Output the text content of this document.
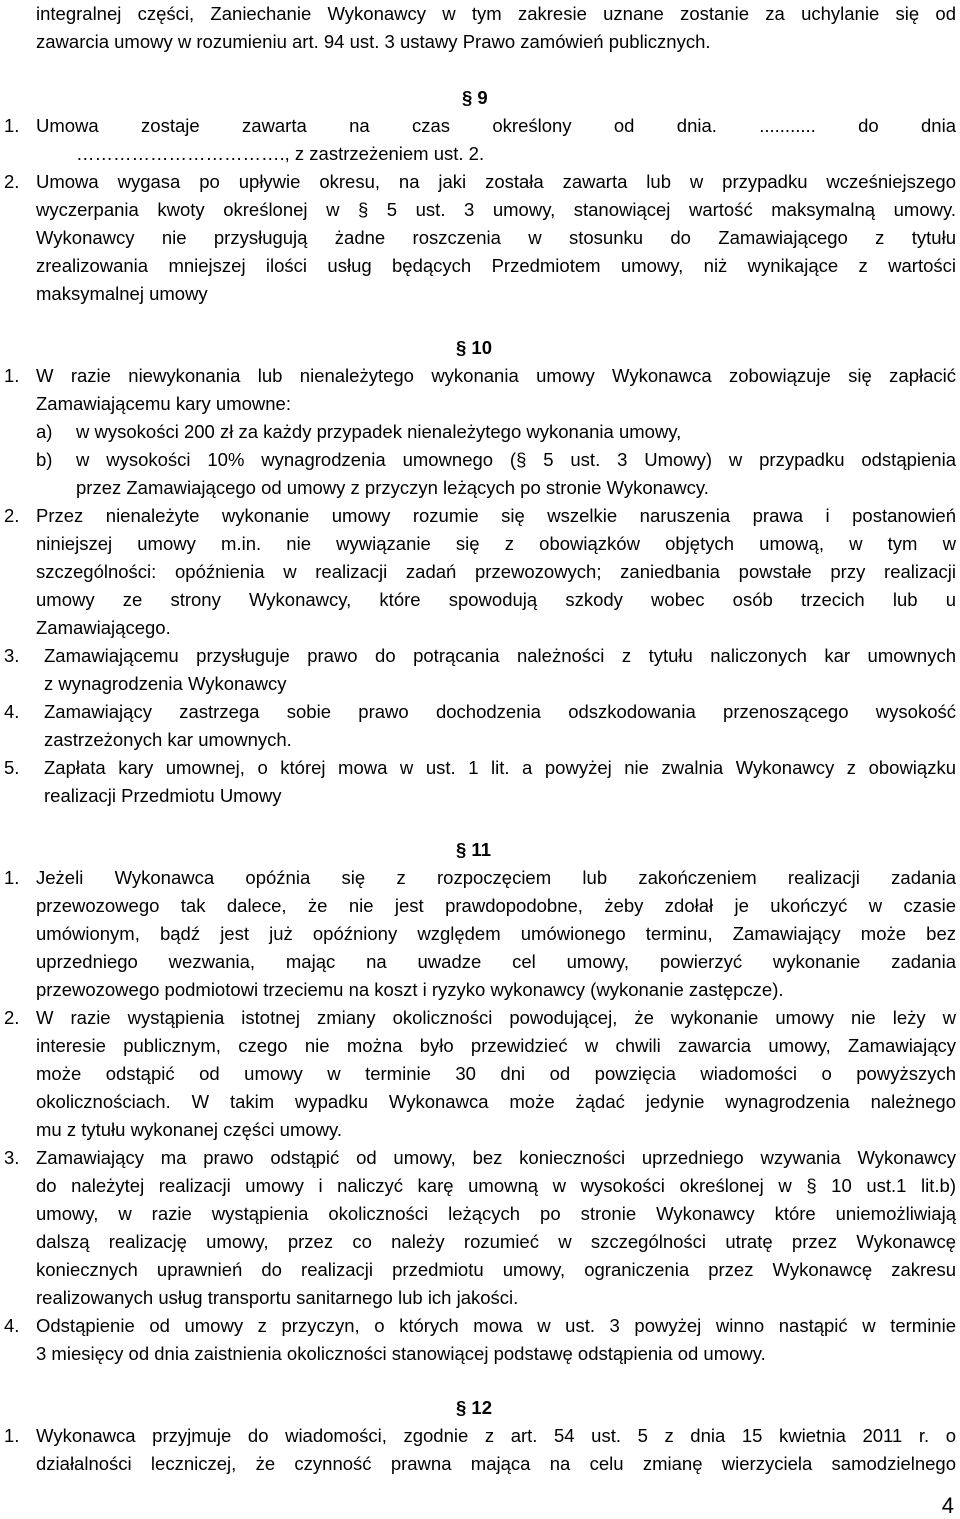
integralnej części, Zaniechanie Wykonawcy w tym zakresie uznane zostanie za uchylanie się od
zawarcia umowy w rozumieniu art. 94 ust. 3 ustawy Prawo zamówień publicznych.
§ 9
1. Umowa zostaje zawarta na czas określony od dnia. ........... do dnia
……………………………., z zastrzeżeniem ust. 2.
2. Umowa wygasa po upływie okresu, na jaki została zawarta lub w przypadku wcześniejszego
wyczerpania kwoty określonej w § 5 ust. 3 umowy, stanowiącej wartość maksymalną umowy.
Wykonawcy nie przysługują żadne roszczenia w stosunku do Zamawiającego z tytułu
zrealizowania mniejszej ilości usług będących Przedmiotem umowy, niż wynikające z wartości
maksymalnej umowy
§ 10
1. W razie niewykonania lub nienależytego wykonania umowy Wykonawca zobowiązuje się zapłacić
Zamawiającemu kary umowne:
a)	w wysokości 200 zł za każdy przypadek nienależytego wykonania umowy,
b)	w wysokości 10% wynagrodzenia umownego (§ 5 ust. 3 Umowy) w przypadku odstąpienia
przez Zamawiającego od umowy z przyczyn leżących po stronie Wykonawcy.
2. Przez nienależyte wykonanie umowy rozumie się wszelkie naruszenia prawa i postanowień
niniejszej umowy m.in. nie wywiązanie się z obowiązków objętych umową, w tym w
szczególności: opóźnienia w realizacji zadań przewozowych; zaniedbania powstałe przy realizacji
umowy ze strony Wykonawcy, które spowodują szkody wobec osób trzecich lub u
Zamawiającego.
3.	Zamawiającemu przysługuje prawo do potrącania należności z tytułu naliczonych kar umownych
z wynagrodzenia Wykonawcy
4.	Zamawiający zastrzega sobie prawo dochodzenia odszkodowania przenoszącego wysokość
zastrzeżonych kar umownych.
5.	Zapłata kary umownej, o której mowa w ust. 1 lit. a powyżej nie zwalnia Wykonawcy z obowiązku
realizacji Przedmiotu Umowy
§ 11
1. Jeżeli Wykonawca opóźnia się z rozpoczęciem lub zakończeniem realizacji zadania
przewozowego tak dalece, że nie jest prawdopodobne, żeby zdołał je ukończyć w czasie
umówionym, bądź jest już opóźniony względem umówionego terminu, Zamawiający może bez
uprzedniego wezwania, mając na uwadze cel umowy, powierzyć wykonanie zadania
przewozowego podmiotowi trzeciemu na koszt i ryzyko wykonawcy (wykonanie zastępcze).
2. W razie wystąpienia istotnej zmiany okoliczności powodującej, że wykonanie umowy nie leży w
interesie publicznym, czego nie można było przewidzieć w chwili zawarcia umowy, Zamawiający
może odstąpić od umowy w terminie 30 dni od powzięcia wiadomości o powyższych
okolicznościach. W takim wypadku Wykonawca może żądać jedynie wynagrodzenia należnego
mu z tytułu wykonanej części umowy.
3. Zamawiający ma prawo odstąpić od umowy, bez konieczności uprzedniego wzywania Wykonawcy
do należytej realizacji umowy i naliczyć karę umowną w wysokości określonej w § 10 ust.1 lit.b)
umowy, w razie wystąpienia okoliczności leżących po stronie Wykonawcy które uniemożliwiają
dalszą realizację umowy, przez co należy rozumieć w szczególności utratę przez Wykonawcę
koniecznych uprawnień do realizacji przedmiotu umowy, ograniczenia przez Wykonawcę zakresu
realizowanych usług transportu sanitarnego lub ich jakości.
4. Odstąpienie od umowy z przyczyn, o których mowa w ust. 3 powyżej winno nastąpić w terminie
3 miesięcy od dnia zaistnienia okoliczności stanowiącej podstawę odstąpienia od umowy.
§ 12
1. Wykonawca przyjmuje do wiadomości, zgodnie z art. 54 ust. 5 z dnia 15 kwietnia 2011 r. o
działalności leczniczej, że czynność prawna mająca na celu zmianę wierzyciela samodzielnego
4
